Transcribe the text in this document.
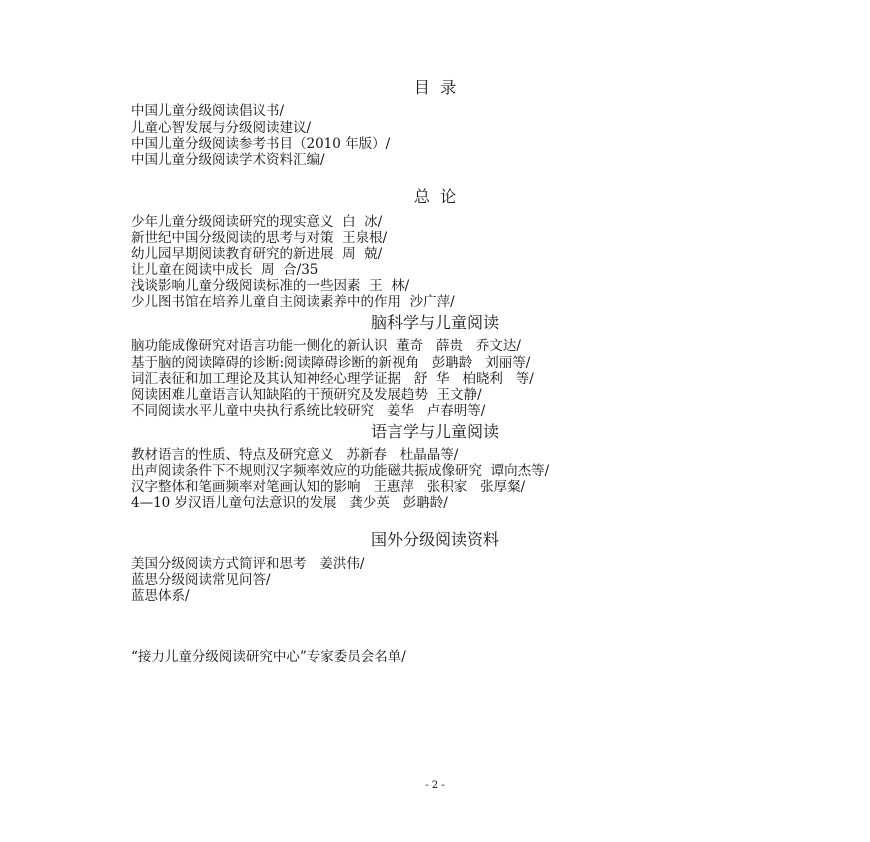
目  录
中国儿童分级阅读倡议书/
儿童心智发展与分级阅读建议/
中国儿童分级阅读参考书目（2010 年版）/
中国儿童分级阅读学术资料汇编/
总  论
少年儿童分级阅读研究的现实意义  白  冰/
新世纪中国分级阅读的思考与对策  王泉根/
幼儿园早期阅读教育研究的新进展  周  兢/
让儿童在阅读中成长  周  合/35
浅谈影响儿童分级阅读标准的一些因素  王  林/
少儿图书馆在培养儿童自主阅读素养中的作用  沙广萍/
脑科学与儿童阅读
脑功能成像研究对语言功能一侧化的新认识  董奇   薛贵   乔文达/
基于脑的阅读障碍的诊断:阅读障碍诊断的新视角   彭聃龄   刘丽等/
词汇表征和加工理论及其认知神经心理学证据   舒  华   柏晓利   等/
阅读困难儿童语言认知缺陷的干预研究及发展趋势  王文静/
不同阅读水平儿童中央执行系统比较研究   姜华   卢春明等/
语言学与儿童阅读
教材语言的性质、特点及研究意义   苏新春   杜晶晶等/
出声阅读条件下不规则汉字频率效应的功能磁共振成像研究  谭向杰等/
汉字整体和笔画频率对笔画认知的影响   王惠萍   张积家   张厚粲/
4—10 岁汉语儿童句法意识的发展   龚少英   彭聃龄/
国外分级阅读资料
美国分级阅读方式简评和思考   姜洪伟/
蓝思分级阅读常见问答/
蓝思体系/
“接力儿童分级阅读研究中心”专家委员会名单/
- 2 -
